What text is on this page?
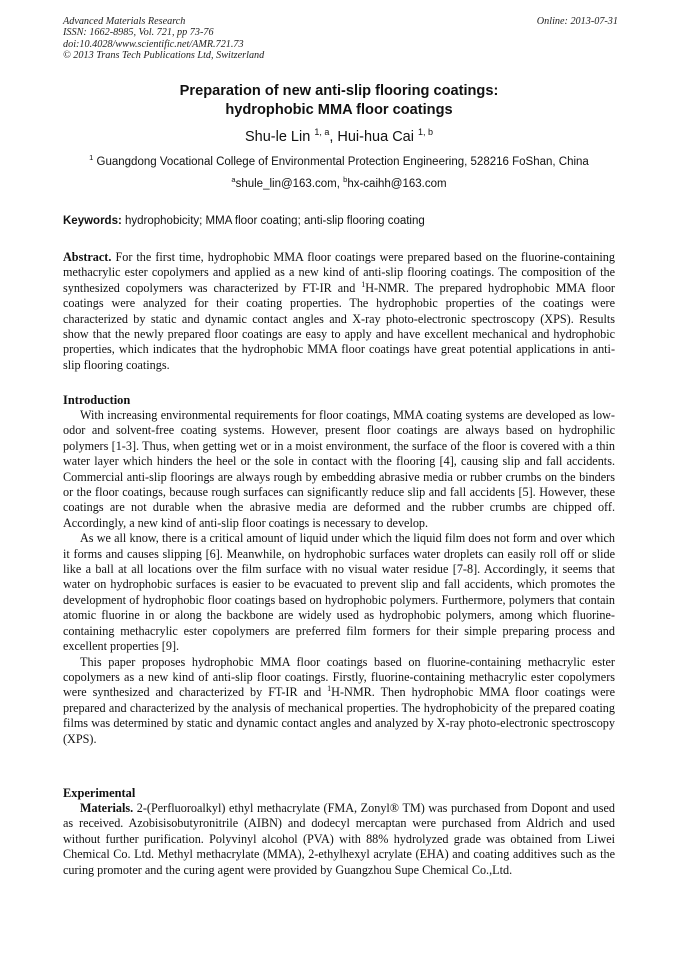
Advanced Materials Research
ISSN: 1662-8985, Vol. 721, pp 73-76
doi:10.4028/www.scientific.net/AMR.721.73
© 2013 Trans Tech Publications Ltd, Switzerland
Online: 2013-07-31
Preparation of new anti-slip flooring coatings:
hydrophobic MMA floor coatings
Shu-le Lin $^{1, a}$, Hui-hua Cai $^{1, b}$
$^1$ Guangdong Vocational College of Environmental Protection Engineering, 528216 FoShan, China
$^a$shule_lin@163.com, $^b$hx-caihh@163.com
Keywords: hydrophobicity; MMA floor coating; anti-slip flooring coating

Abstract. For the first time, hydrophobic MMA floor coatings were prepared based on the fluorine-containing methacrylic ester copolymers and applied as a new kind of anti-slip flooring coatings. The composition of the synthesized copolymers was characterized by FT-IR and $^1$H-NMR. The prepared hydrophobic MMA floor coatings were analyzed for their coating properties. The hydrophobic properties of the coatings were characterized by static and dynamic contact angles and X-ray photo-electronic spectroscopy (XPS). Results show that the newly prepared floor coatings are easy to apply and have excellent mechanical and hydrophobic properties, which indicates that the hydrophobic MMA floor coatings have great potential applications in anti-slip flooring coatings.

Introduction

With increasing environmental requirements for floor coatings, MMA coating systems are developed as low-odor and solvent-free coating systems. However, present floor coatings are always based on hydrophilic polymers [1-3]. Thus, when getting wet or in a moist environment, the surface of the floor is covered with a thin water layer which hinders the heel or the sole in contact with the flooring [4], causing slip and fall accidents. Commercial anti-slip floorings are always rough by embedding abrasive media or rubber crumbs on the binders or the floor coatings, because rough surfaces can significantly reduce slip and fall accidents [5]. However, these coatings are not durable when the abrasive media are deformed and the rubber crumbs are chipped off. Accordingly, a new kind of anti-slip floor coatings is necessary to develop.

As we all know, there is a critical amount of liquid under which the liquid film does not form and over which it forms and causes slipping [6]. Meanwhile, on hydrophobic surfaces water droplets can easily roll off or slide like a ball at all locations over the film surface with no visual water residue [7-8]. Accordingly, it seems that water on hydrophobic surfaces is easier to be evacuated to prevent slip and fall accidents, which promotes the development of hydrophobic floor coatings based on hydrophobic polymers. Furthermore, polymers that contain atomic fluorine in or along the backbone are widely used as hydrophobic polymers, among which fluorine-containing methacrylic ester copolymers are preferred film formers for their simple preparing process and excellent properties [9].

This paper proposes hydrophobic MMA floor coatings based on fluorine-containing methacrylic ester copolymers as a new kind of anti-slip floor coatings. Firstly, fluorine-containing methacrylic ester copolymers were synthesized and characterized by FT-IR and $^1$H-NMR. Then hydrophobic MMA floor coatings were prepared and characterized by the analysis of mechanical properties. The hydrophobicity of the prepared coating films was determined by static and dynamic contact angles and analyzed by X-ray photo-electronic spectroscopy (XPS).

Experimental

Materials. 2-(Perfluoroalkyl) ethyl methacrylate (FMA, Zonyl® TM) was purchased from Dopont and used as received. Azobisisobutyronitrile (AIBN) and dodecyl mercaptan were purchased from Aldrich and used without further purification. Polyvinyl alcohol (PVA) with 88% hydrolyzed grade was obtained from Liwei Chemical Co. Ltd. Methyl methacrylate (MMA), 2-ethylhexyl acrylate (EHA) and coating additives such as the curing promoter and the curing agent were provided by Guangzhou Supe Chemical Co.,Ltd.
